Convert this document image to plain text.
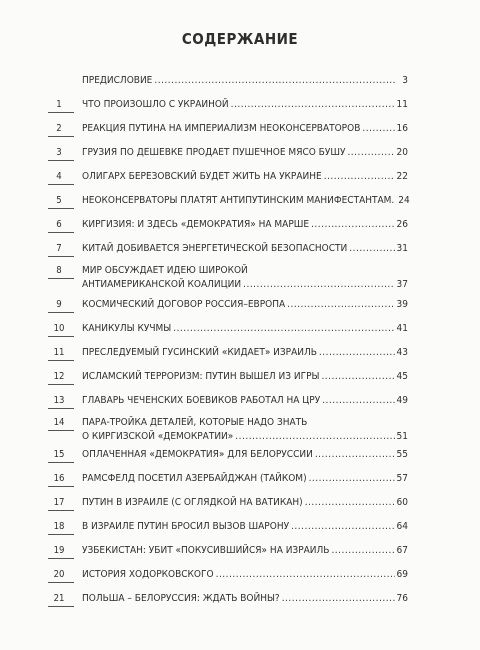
СОДЕРЖАНИЕ
ПРЕДИСЛОВИЕ .....	3
1	ЧТО ПРОИЗОШЛО С УКРАИНОЙ .....	11
2	РЕАКЦИЯ ПУТИНА НА ИМПЕРИАЛИЗМ НЕОКОНСЕРВАТОРОВ .....	16
3	ГРУЗИЯ ПО ДЕШЕВКЕ ПРОДАЕТ ПУШЕЧНОЕ МЯСО БУШУ .....	20
4	ОЛИГАРХ БЕРЕЗОВСКИЙ БУДЕТ ЖИТЬ НА УКРАИНЕ .....	22
5	НЕОКОНСЕРВАТОРЫ ПЛАТЯТ АНТИПУТИНСКИМ МАНИФЕСТАНТАМ. 24
6	КИРГИЗИЯ: И ЗДЕСЬ «ДЕМОКРАТИЯ» НА МАРШЕ .....	26
7	КИТАЙ ДОБИВАЕТСЯ ЭНЕРГЕТИЧЕСКОЙ БЕЗОПАСНОСТИ .....	31
8	МИР ОБСУЖДАЕТ ИДЕЮ ШИРОКОЙ
АНТИАМЕРИКАНСКОЙ КОАЛИЦИИ .....	37
9	КОСМИЧЕСКИЙ ДОГОВОР РОССИЯ–ЕВРОПА .....	39
10	КАНИКУЛЫ КУЧМЫ .....	41
11	ПРЕСЛЕДУЕМЫЙ ГУСИНСКИЙ «КИДАЕТ» ИЗРАИЛЬ .....	43
12	ИСЛАМСКИЙ ТЕРРОРИЗМ: ПУТИН ВЫШЕЛ ИЗ ИГРЫ .....	45
13	ГЛАВАРЬ ЧЕЧЕНСКИХ БОЕВИКОВ РАБОТАЛ НА ЦРУ .....	49
14	ПАРА-ТРОЙКА ДЕТАЛЕЙ, КОТОРЫЕ НАДО ЗНАТЬ
О КИРГИЗСКОЙ «ДЕМОКРАТИИ» .....	51
15	ОПЛАЧЕННАЯ «ДЕМОКРАТИЯ» ДЛЯ БЕЛОРУССИИ .....	55
16	РАМСФЕЛД ПОСЕТИЛ АЗЕРБАЙДЖАН (ТАЙКОМ) .....	57
17	ПУТИН В ИЗРАИЛЕ (С ОГЛЯДКОЙ НА ВАТИКАН) .....	60
18	В ИЗРАИЛЕ ПУТИН БРОСИЛ ВЫЗОВ ШАРОНУ .....	64
19	УЗБЕКИСТАН: УБИТ «ПОКУСИВШИЙСЯ» НА ИЗРАИЛЬ .....	67
20	ИСТОРИЯ ХОДОРКОВСКОГО .....	69
21	ПОЛЬША – БЕЛОРУССИЯ: ЖДАТЬ ВОЙНЫ? .....	76
